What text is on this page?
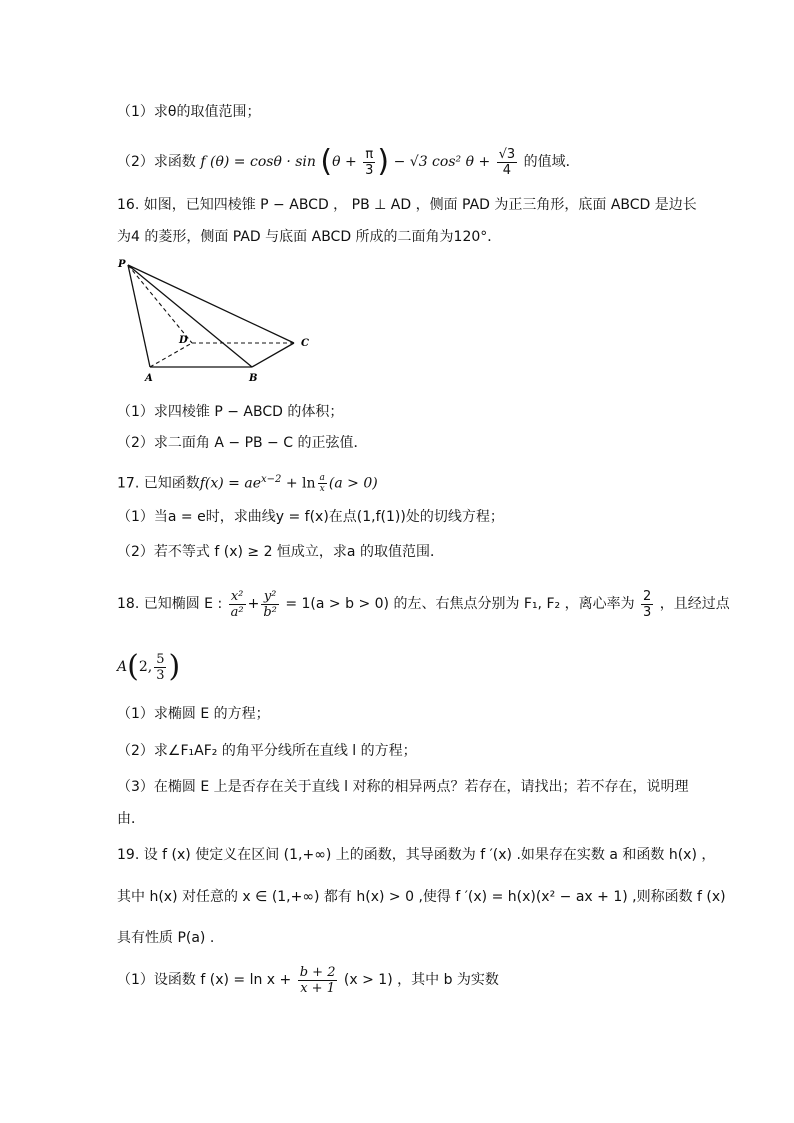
（1）求θ的取值范围；
（2）求函数 f $(\theta) = \cos\theta \cdot \sin (\theta + \frac{\pi}{3}$ ) − √3 cos² $\theta + \frac{√3}{4}$ 的值域．
16. 如图，已知四棱锥 P − ABCD ， PB ⊥ AD ，侧面 PAD 为正三角形，底面 ABCD 是边长
为4 的菱形，侧面 PAD 与底面 ABCD 所成的二面角为120°．
P
D	C
A	B
（1）求四棱锥 P − ABCD 的体积；
（2）求二面角 A − PB − C 的正弦值．
17. 已知函数$f(x) = ae^{x-2} + \ln \frac{a}{x} (a > 0)$
（1）当a = e时，求曲线y = f(x)在点(1,f(1))处的切线方程；
（2）若不等式 f (x) ≥ 2 恒成立，求a 的取值范围．
18. 已知椭圆 E : $\frac{\text{x²}}{\text{a²}} + \frac{\text{y²}}{\text{b²}} = 1(a > b > 0)$ 的左、右焦点分别为 F₁, F₂ ，离心率为 $\frac{2}{3}$ ，且经过点
A(2, $\frac{5}{3}$ )
（1）求椭圆 E 的方程；
（2）求∠F₁AF₂ 的角平分线所在直线 l 的方程；
（3）在椭圆 E 上是否存在关于直线 l 对称的相异两点？若存在，请找出；若不存在，说明理
由．
19. 设 f (x) 使定义在区间 (1,+∞) 上的函数，其导函数为 f ′(x) .如果存在实数 a 和函数 h(x) ，
其中 h(x) 对任意的 x ∈ (1,+∞) 都有 h(x) > 0 ,使得 f ′(x) = h(x)(x² − ax + 1) ,则称函数 f (x)
具有性质 P(a) .
（1）设函数 f $(x) = \ln x + \frac{b + 2}{x + 1} (x > 1)$ ，其中 b 为实数
